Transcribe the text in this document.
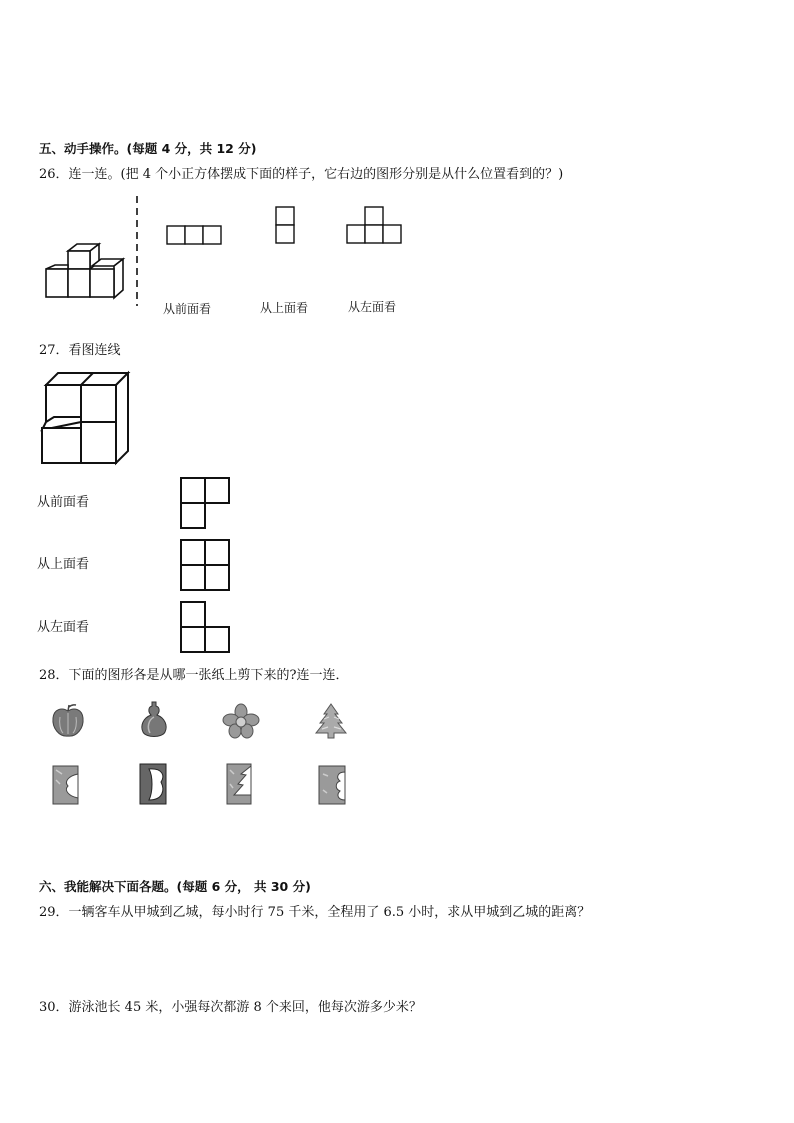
五、动手操作。(每题 4 分，共 12 分)
26．连一连。(把 4 个小正方体摆成下面的样子，它右边的图形分别是从什么位置看到的？)
从前面看	从上面看	从左面看
27．看图连线
从前面看
从上面看
从左面看
28．下面的图形各是从哪一张纸上剪下来的?连一连．
六、我能解决下面各题。(每题 6 分， 共 30 分)
29．一辆客车从甲城到乙城，每小时行 75 千米，全程用了 6.5 小时，求从甲城到乙城的距离？
30．游泳池长 45 米，小强每次都游 8 个来回，他每次游多少米？
